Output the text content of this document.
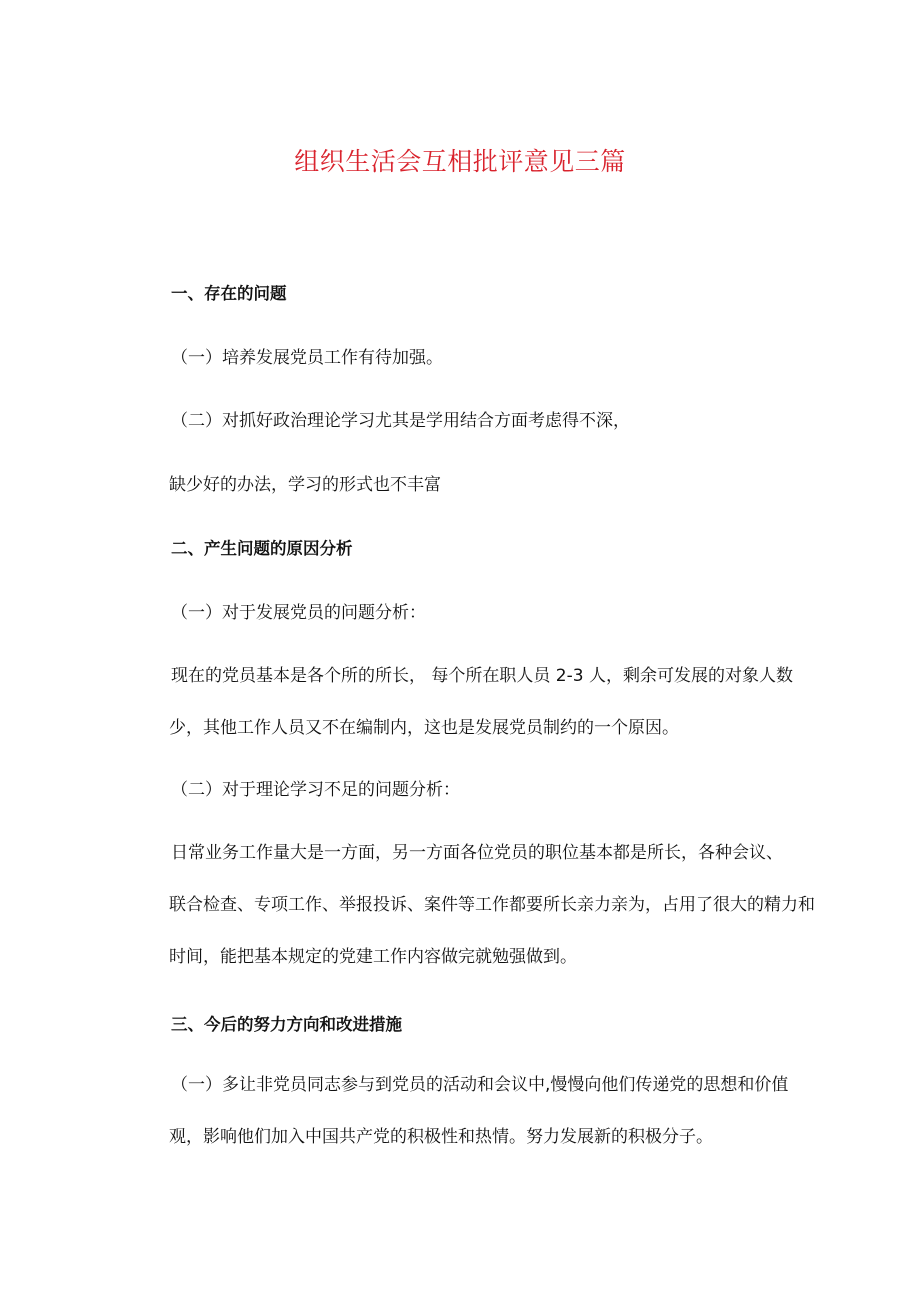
组织生活会互相批评意见三篇

一、存在的问题

（一）培养发展党员工作有待加强。

（二）对抓好政治理论学习尤其是学用结合方面考虑得不深，

缺少好的办法，学习的形式也不丰富

二、产生问题的原因分析

（一）对于发展党员的问题分析：

现在的党员基本是各个所的所长， 每个所在职人员 2-3 人，剩余可发展的对象人数
少，其他工作人员又不在编制内，这也是发展党员制约的一个原因。

（二）对于理论学习不足的问题分析：

日常业务工作量大是一方面，另一方面各位党员的职位基本都是所长，各种会议、
联合检查、专项工作、举报投诉、案件等工作都要所长亲力亲为，占用了很大的精力和
时间，能把基本规定的党建工作内容做完就勉强做到。

三、今后的努力方向和改进措施

（一）多让非党员同志参与到党员的活动和会议中,慢慢向他们传递党的思想和价值
观，影响他们加入中国共产党的积极性和热情。努力发展新的积极分子。
